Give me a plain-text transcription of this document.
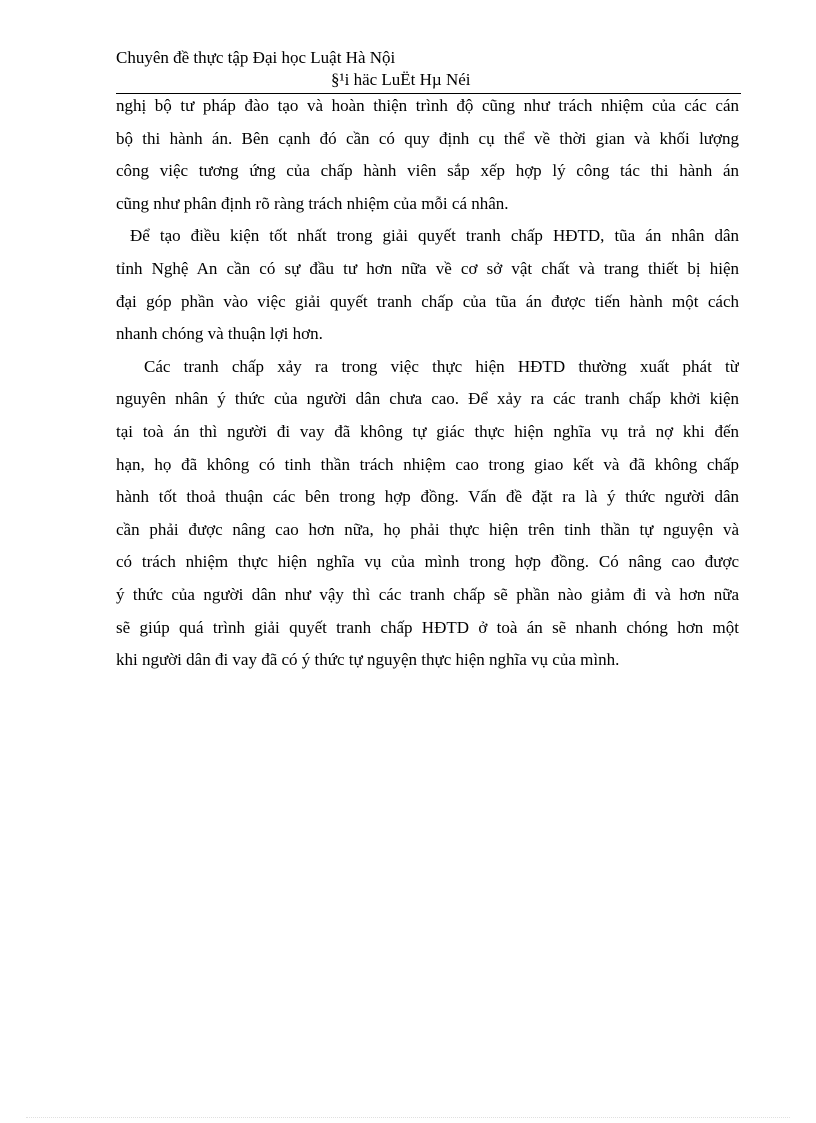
Chuyên đề thực tập Đại học Luật Hà Nội
§¹i häc LuËt Hµ Néi
nghị bộ tư pháp đào tạo và hoàn thiện trình độ cũng như trách nhiệm của các cán
bộ thi hành án. Bên cạnh đó cần có quy định cụ thể về thời gian và khối lượng
công việc tương ứng của chấp hành viên sắp xếp hợp lý công tác thi hành án
cũng như phân định rõ ràng trách nhiệm của mỗi cá nhân.
Để tạo điều kiện tốt nhất trong giải quyết tranh chấp HĐTD, tũa án nhân dân
tỉnh Nghệ An cần có sự đầu tư hơn nữa về cơ sở vật chất và trang thiết bị hiện
đại góp phần vào việc giải quyết tranh chấp của tũa án được tiến hành một cách
nhanh chóng và thuận lợi hơn.
Các tranh chấp xảy ra trong việc thực hiện HĐTD thường xuất phát từ
nguyên nhân ý thức của người dân chưa cao. Để xảy ra các tranh chấp khởi kiện
tại toà án thì người đi vay đã không tự giác thực hiện nghĩa vụ trả nợ khi đến
hạn, họ đã không có tinh thần trách nhiệm cao trong giao kết và đã không chấp
hành tốt thoả thuận các bên trong hợp đồng. Vấn đề đặt ra là ý thức người dân
cần phải được nâng cao hơn nữa, họ phải thực hiện trên tinh thần tự nguyện và
có trách nhiệm thực hiện nghĩa vụ của mình trong hợp đồng. Có nâng cao được
ý thức của người dân như vậy thì các tranh chấp sẽ phần nào giảm đi và hơn nữa
sẽ giúp quá trình giải quyết tranh chấp HĐTD ở toà án sẽ nhanh chóng hơn một
khi người dân đi vay đã có ý thức tự nguyện thực hiện nghĩa vụ của mình.
